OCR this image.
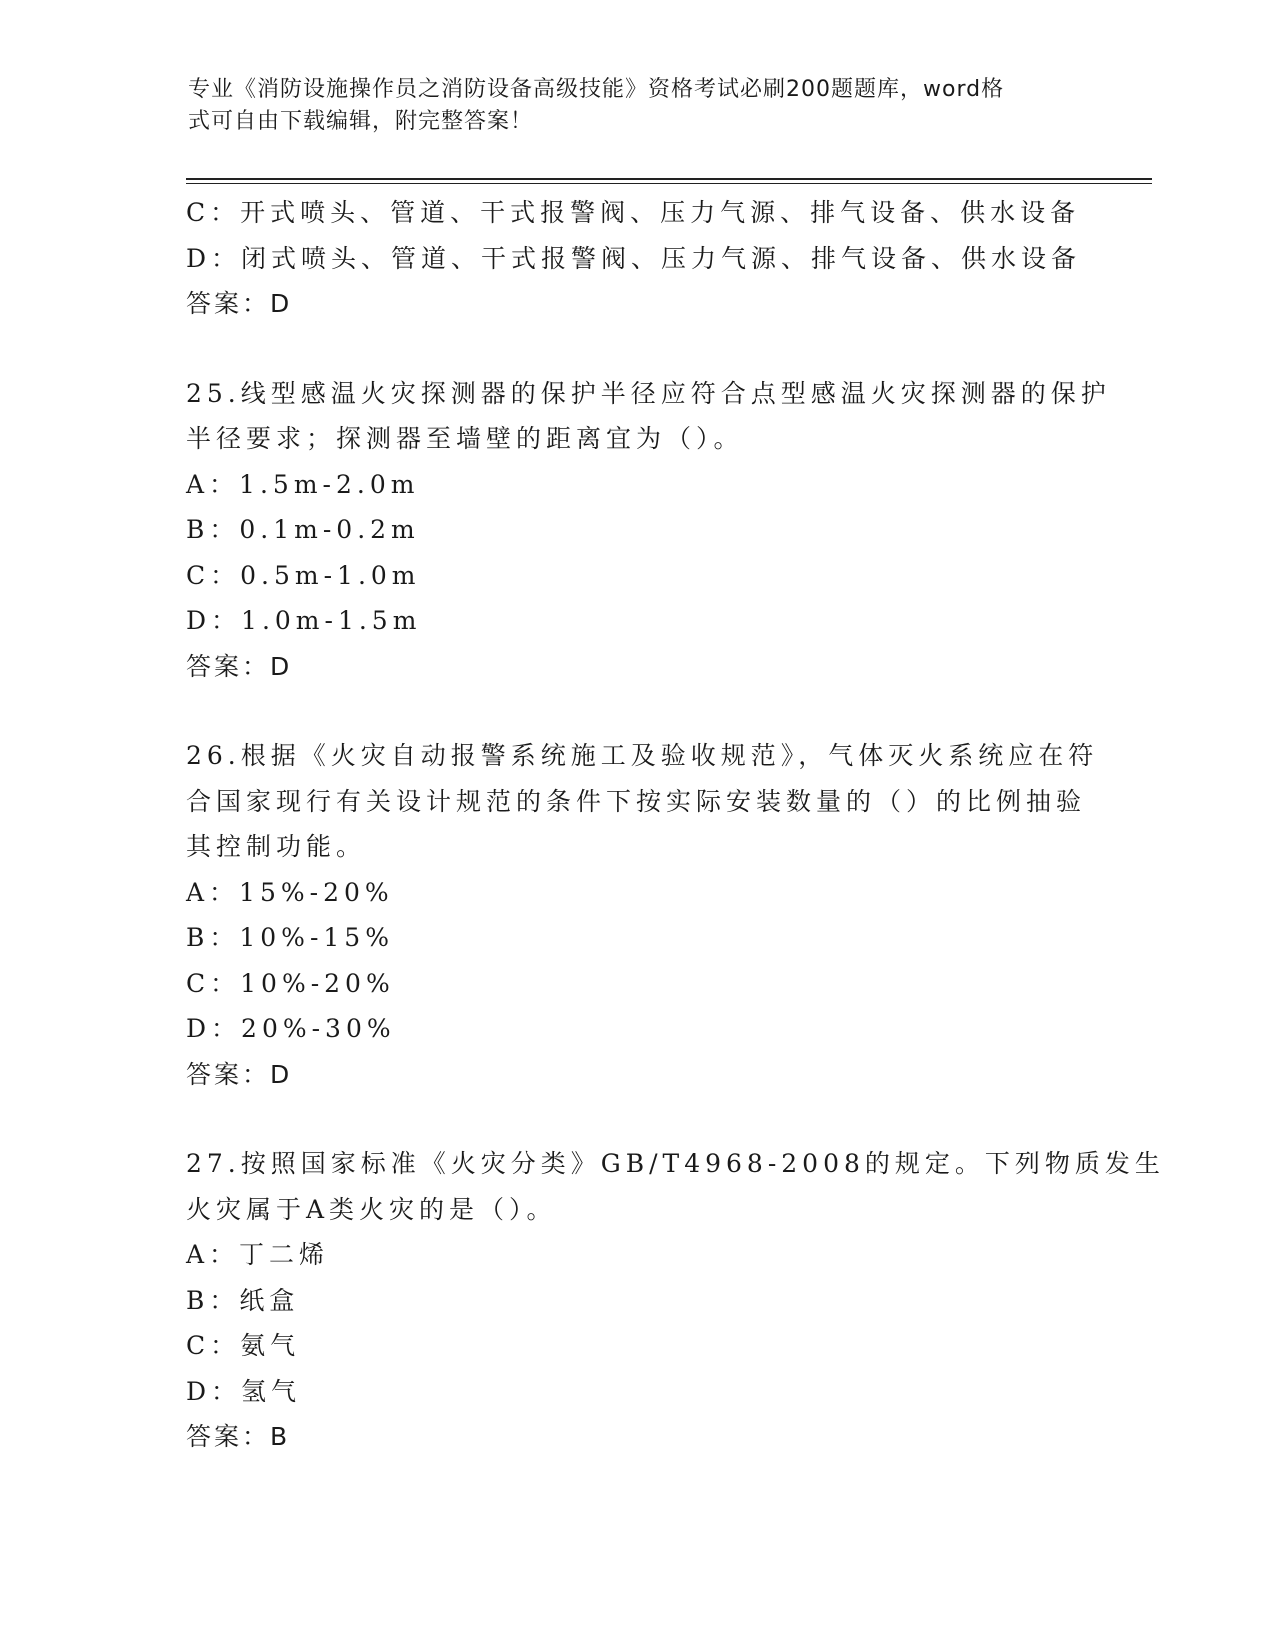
专业《消防设施操作员之消防设备高级技能》资格考试必刷200题题库，word格
式可自由下载编辑，附完整答案！
C：开式喷头、管道、干式报警阀、压力气源、排气设备、供水设备
D：闭式喷头、管道、干式报警阀、压力气源、排气设备、供水设备
答案：D
25.线型感温火灾探测器的保护半径应符合点型感温火灾探测器的保护
半径要求；探测器至墙壁的距离宜为（）。
A：1.5m-2.0m
B：0.1m-0.2m
C：0.5m-1.0m
D：1.0m-1.5m
答案：D
26.根据《火灾自动报警系统施工及验收规范》，气体灭火系统应在符
合国家现行有关设计规范的条件下按实际安装数量的（）的比例抽验
其控制功能。
A：15%-20%
B：10%-15%
C：10%-20%
D：20%-30%
答案：D
27.按照国家标准《火灾分类》GB/T4968-2008的规定。下列物质发生
火灾属于A类火灾的是（）。
A：丁二烯
B：纸盒
C：氨气
D：氢气
答案：B
